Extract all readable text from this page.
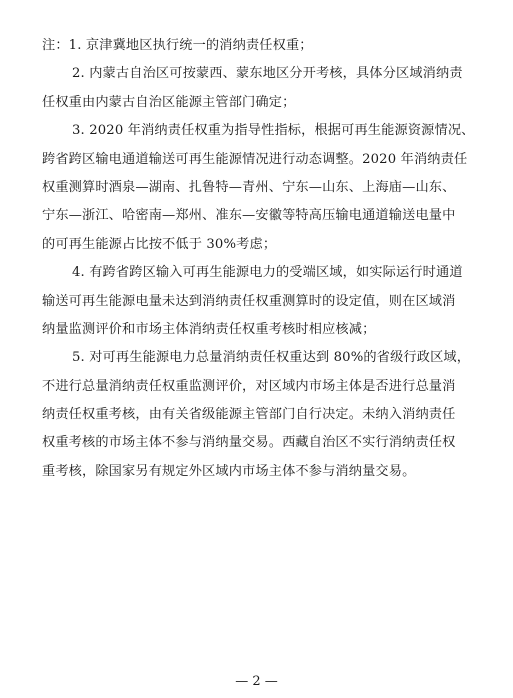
注：1. 京津冀地区执行统一的消纳责任权重；
2. 内蒙古自治区可按蒙西、蒙东地区分开考核，具体分区域消纳责
任权重由内蒙古自治区能源主管部门确定；
3. 2020 年消纳责任权重为指导性指标，根据可再生能源资源情况、
跨省跨区输电通道输送可再生能源情况进行动态调整。2020 年消纳责任
权重测算时酒泉—湖南、扎鲁特—青州、宁东—山东、上海庙—山东、
宁东—浙江、哈密南—郑州、准东—安徽等特高压输电通道输送电量中
的可再生能源占比按不低于 30%考虑；
4. 有跨省跨区输入可再生能源电力的受端区域，如实际运行时通道
输送可再生能源电量未达到消纳责任权重测算时的设定值，则在区域消
纳量监测评价和市场主体消纳责任权重考核时相应核减；
5. 对可再生能源电力总量消纳责任权重达到 80%的省级行政区域，
不进行总量消纳责任权重监测评价，对区域内市场主体是否进行总量消
纳责任权重考核，由有关省级能源主管部门自行决定。未纳入消纳责任
权重考核的市场主体不参与消纳量交易。西藏自治区不实行消纳责任权
重考核，除国家另有规定外区域内市场主体不参与消纳量交易。
— 2 —
